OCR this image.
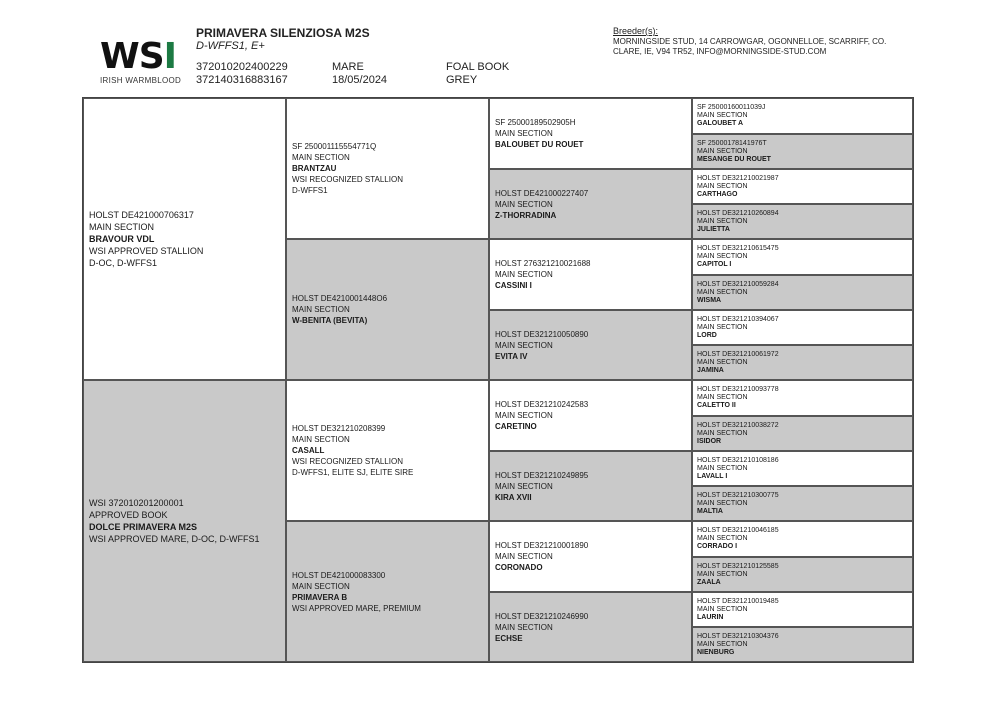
WSI
IRISH WARMBLOOD
PRIMAVERA SILENZIOSA M2S
D-WFFS1, E+
372010202400229
372140316883167
MARE
18/05/2024
FOAL BOOK
GREY
Breeder(s):
MORNINGSIDE STUD, 14 CARROWGAR, OGONNELLOE, SCARRIFF, CO.
CLARE, IE, V94 TR52, INFO@MORNINGSIDE-STUD.COM
HOLST DE421000706317
MAIN SECTION
BRAVOUR VDL
WSI APPROVED STALLION
D-OC, D-WFFS1
WSI 372010201200001
APPROVED BOOK
DOLCE PRIMAVERA M2S
WSI APPROVED MARE, D-OC, D-WFFS1
SF 250001115554771Q
MAIN SECTION
BRANTZAU
WSI RECOGNIZED STALLION
D-WFFS1
HOLST DE4210001448O6
MAIN SECTION
W-BENITA (BEVITA)
HOLST DE321210208399
MAIN SECTION
CASALL
WSI RECOGNIZED STALLION
D-WFFS1, ELITE SJ, ELITE SIRE
HOLST DE421000083300
MAIN SECTION
PRIMAVERA B
WSI APPROVED MARE, PREMIUM
SF 25000189502905H
MAIN SECTION
BALOUBET DU ROUET
HOLST DE421000227407
MAIN SECTION
Z-THORRADINA
HOLST 276321210021688
MAIN SECTION
CASSINI I
HOLST DE321210050890
MAIN SECTION
EVITA IV
HOLST DE321210242583
MAIN SECTION
CARETINO
HOLST DE321210249895
MAIN SECTION
KIRA XVII
HOLST DE321210001890
MAIN SECTION
CORONADO
HOLST DE321210246990
MAIN SECTION
ECHSE
SF 25000160011039J
MAIN SECTION
GALOUBET A
SF 25000178141976T
MAIN SECTION
MESANGE DU ROUET
HOLST DE321210021987
MAIN SECTION
CARTHAGO
HOLST DE321210260894
MAIN SECTION
JULIETTA
HOLST DE321210615475
MAIN SECTION
CAPITOL I
HOLST DE321210059284
MAIN SECTION
WISMA
HOLST DE321210394067
MAIN SECTION
LORD
HOLST DE321210061972
MAIN SECTION
JAMINA
HOLST DE321210093778
MAIN SECTION
CALETTO II
HOLST DE321210038272
MAIN SECTION
ISIDOR
HOLST DE321210108186
MAIN SECTION
LAVALL I
HOLST DE321210300775
MAIN SECTION
MALTIA
HOLST DE321210046185
MAIN SECTION
CORRADO I
HOLST DE321210125585
MAIN SECTION
ZAALA
HOLST DE321210019485
MAIN SECTION
LAURIN
HOLST DE321210304376
MAIN SECTION
NIENBURG
